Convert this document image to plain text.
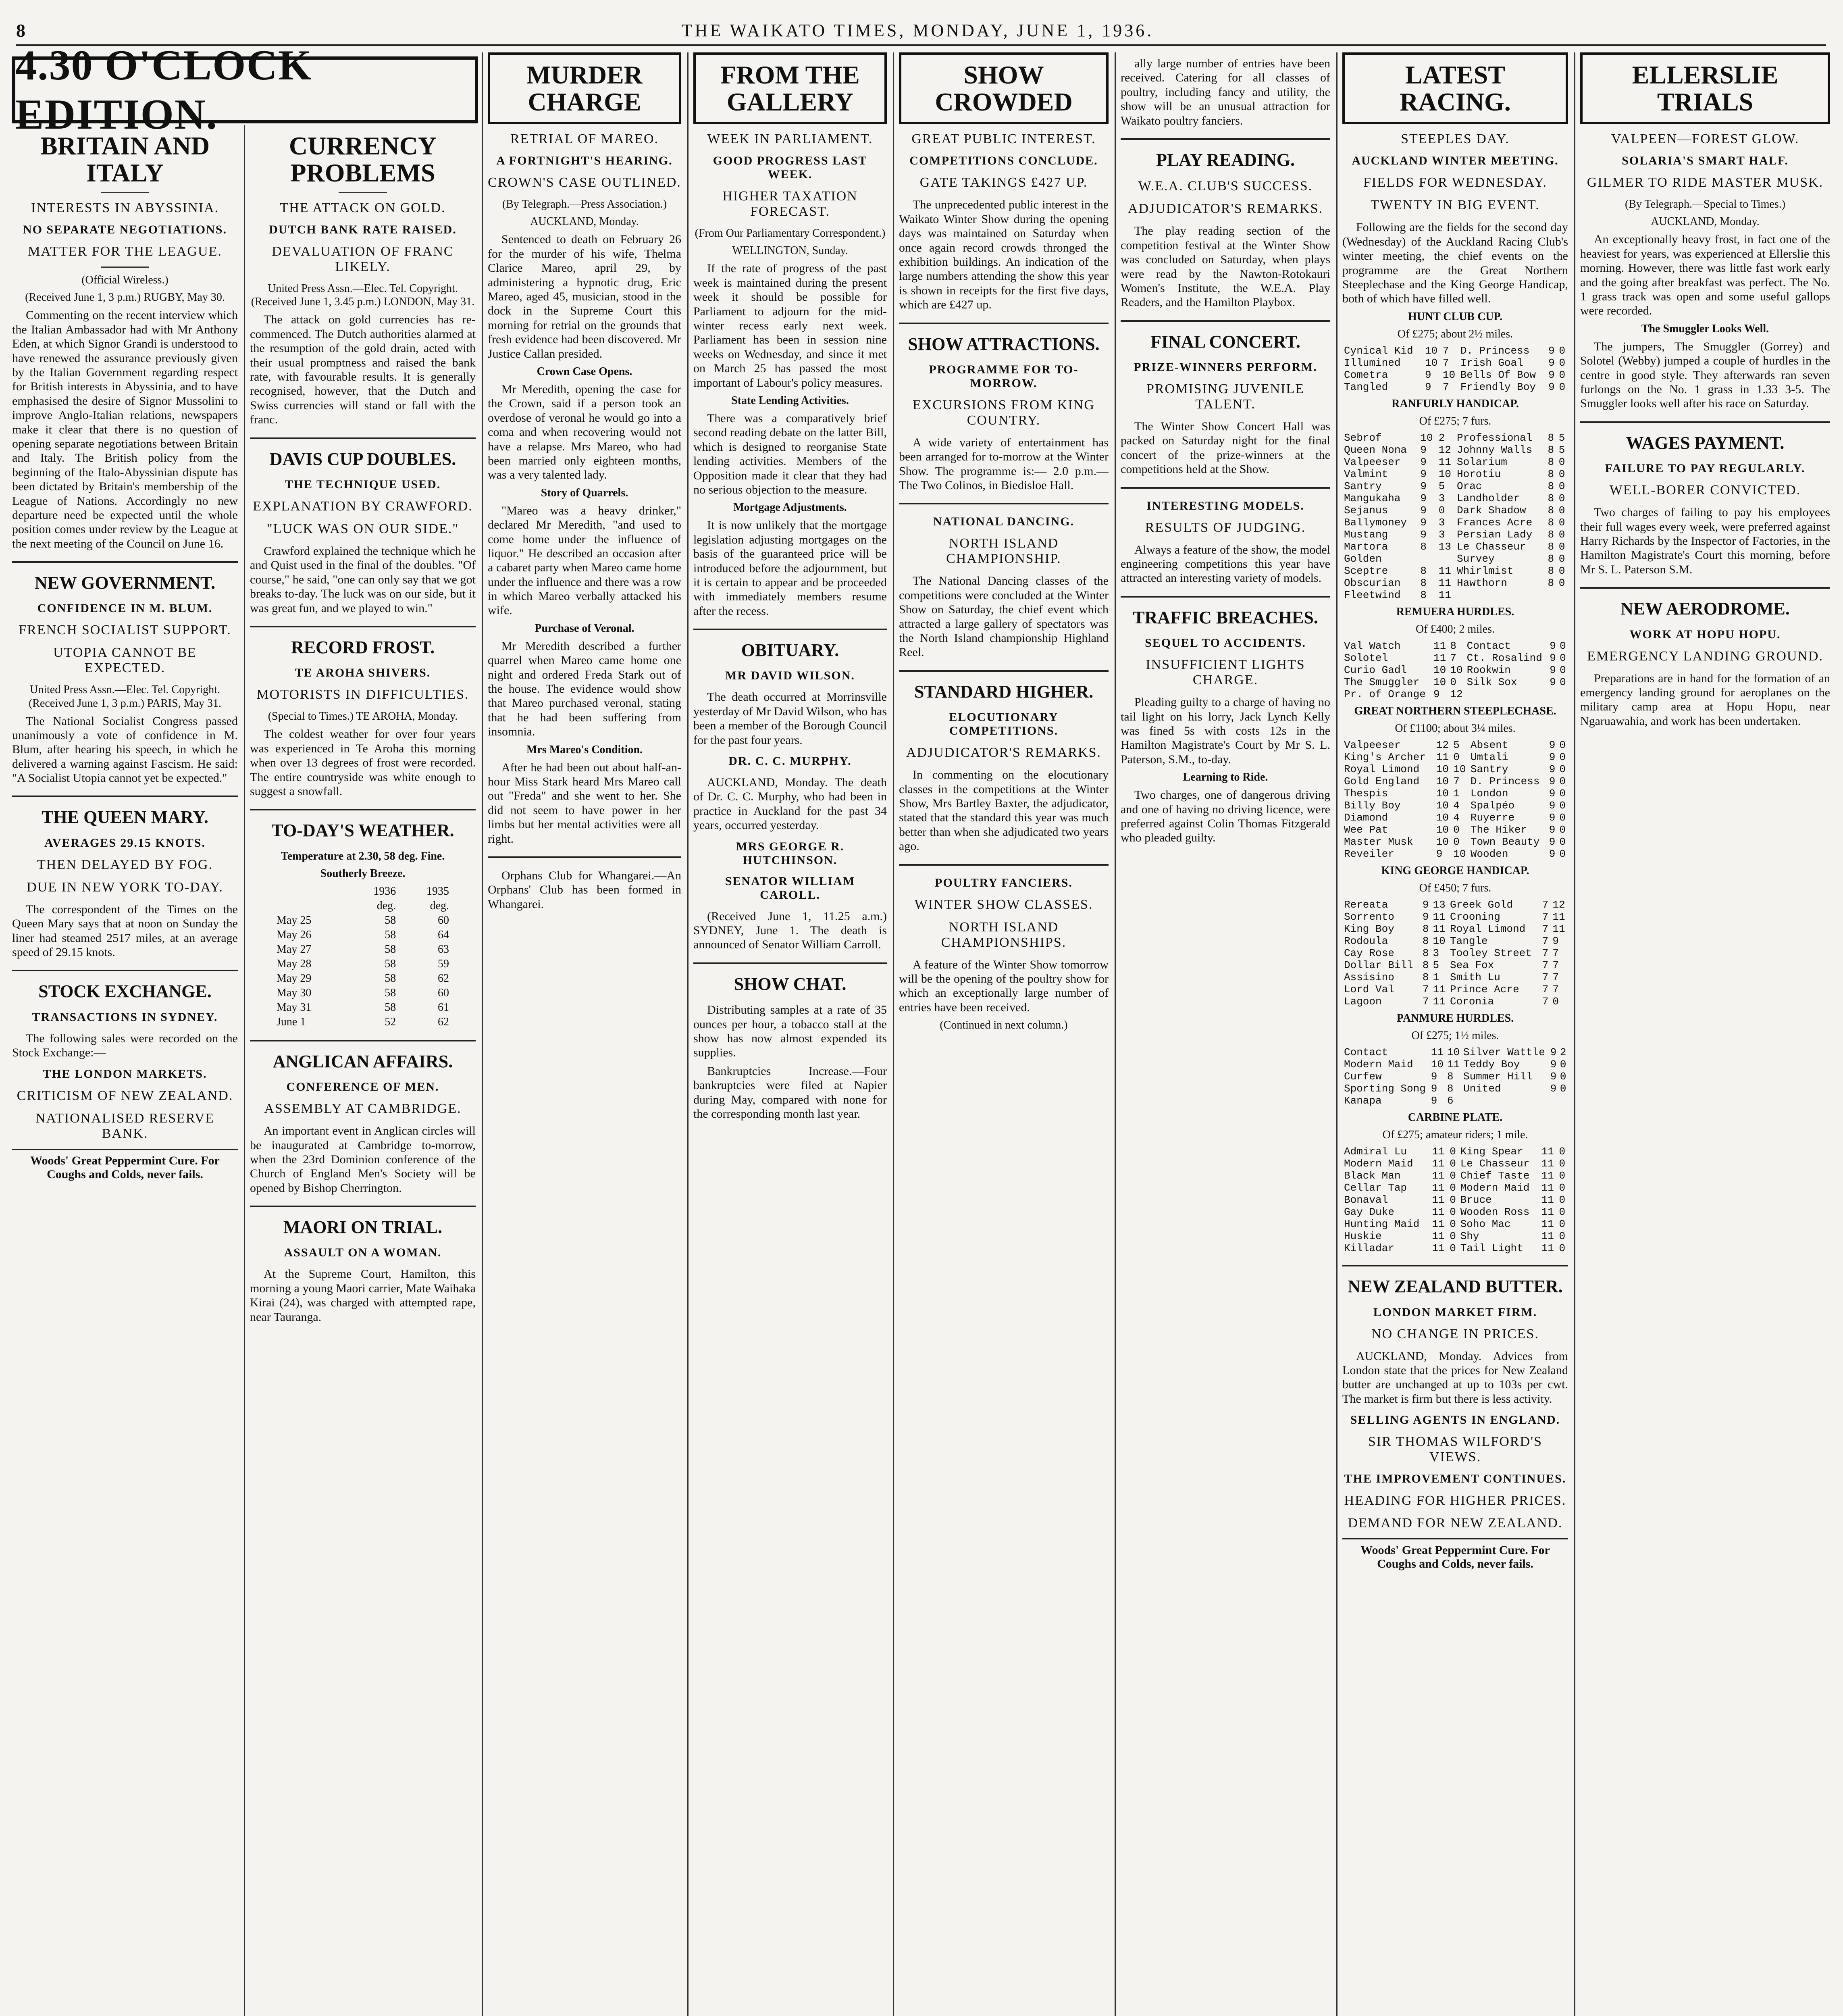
8	THE WAIKATO TIMES, MONDAY, JUNE 1, 1936.
4.30 O'CLOCK EDITION.
BRITAIN AND ITALY
INTERESTS IN ABYSSINIA.
NO SEPARATE NEGOTIATIONS.
MATTER FOR THE LEAGUE.

(Official Wireless.)

(Received June 1, 3 p.m.) RUGBY, May 30.

Commenting on the recent interview which the Italian Ambassador had with Mr Anthony Eden, at which Signor Grandi is understood to have renewed the assurance previously given by the Italian Government regarding respect for British interests in Abyssinia, and to have emphasised the desire of Signor Mussolini to improve Anglo-Italian relations, newspapers make it clear that there is no question of opening separate negotiations between Britain and Italy. The British policy from the beginning of the Italo-Abyssinian dispute has been dictated by Britain's membership of the League of Nations. Accordingly no new departure need be expected until the whole position comes under review by the League at the next meeting of the Council on June 16.

NEW GOVERNMENT.
CONFIDENCE IN M. BLUM.
FRENCH SOCIALIST SUPPORT.
UTOPIA CANNOT BE EXPECTED.

United Press Assn.—Elec. Tel. Copyright. (Received June 1, 3 p.m.) PARIS, May 31.

The National Socialist Congress passed unanimously a vote of confidence in M. Blum, after hearing his speech, in which he delivered a warning against Fascism. He said: "A Socialist Utopia cannot yet be expected."

THE QUEEN MARY.
AVERAGES 29.15 KNOTS.
THEN DELAYED BY FOG.
DUE IN NEW YORK TO-DAY.

The correspondent of the Times on the Queen Mary says that at noon on Sunday the liner had steamed 2517 miles, at an average speed of 29.15 knots.

STOCK EXCHANGE.
TRANSACTIONS IN SYDNEY.

The following sales were recorded on the Stock Exchange:—

THE LONDON MARKETS.
CRITICISM OF NEW ZEALAND.
NATIONALISED RESERVE BANK.
Woods' Great Peppermint Cure. For Coughs and Colds, never fails.
CURRENCY PROBLEMS
THE ATTACK ON GOLD.
DUTCH BANK RATE RAISED.
DEVALUATION OF FRANC LIKELY.

United Press Assn.—Elec. Tel. Copyright. (Received June 1, 3.45 p.m.) LONDON, May 31.

The attack on gold currencies has re-commenced. The Dutch authorities alarmed at the resumption of the gold drain, acted with their usual promptness and raised the bank rate, with favourable results. It is generally recognised, however, that the Dutch and Swiss currencies will stand or fall with the franc.

DAVIS CUP DOUBLES.
THE TECHNIQUE USED.
EXPLANATION BY CRAWFORD.
"LUCK WAS ON OUR SIDE."

Crawford explained the technique which he and Quist used in the final of the doubles. "Of course," he said, "one can only say that we got breaks to-day. The luck was on our side, but it was great fun, and we played to win."

RECORD FROST.
TE AROHA SHIVERS.
MOTORISTS IN DIFFICULTIES.

(Special to Times.) TE AROHA, Monday.

The coldest weather for over four years was experienced in Te Aroha this morning when over 13 degrees of frost were recorded. The entire countryside was white enough to suggest a snowfall.

TO-DAY'S WEATHER.

Temperature at 2.30, 58 deg. Fine.

Southerly Breeze.

	1936	1935
	deg.	deg.
May 25	58	60
May 26	58	64
May 27	58	63
May 28	58	59
May 29	58	62
May 30	58	60
May 31	58	61
June 1	52	62
ANGLICAN AFFAIRS.
CONFERENCE OF MEN.
ASSEMBLY AT CAMBRIDGE.

An important event in Anglican circles will be inaugurated at Cambridge to-morrow, when the 23rd Dominion conference of the Church of England Men's Society will be opened by Bishop Cherrington.

MAORI ON TRIAL.
ASSAULT ON A WOMAN.

At the Supreme Court, Hamilton, this morning a young Maori carrier, Mate Waihaka Kirai (24), was charged with attempted rape, near Tauranga.

MURDER CHARGE
RETRIAL OF MAREO.
A FORTNIGHT'S HEARING.
CROWN'S CASE OUTLINED.

(By Telegraph.—Press Association.)

AUCKLAND, Monday.

Sentenced to death on February 26 for the murder of his wife, Thelma Clarice Mareo, april 29, by administering a hypnotic drug, Eric Mareo, aged 45, musician, stood in the dock in the Supreme Court this morning for retrial on the grounds that fresh evidence had been discovered. Mr Justice Callan presided.

Crown Case Opens.

Mr Meredith, opening the case for the Crown, said if a person took an overdose of veronal he would go into a coma and when recovering would not have a relapse. Mrs Mareo, who had been married only eighteen months, was a very talented lady.

Story of Quarrels.

"Mareo was a heavy drinker," declared Mr Meredith, "and used to come home under the influence of liquor." He described an occasion after a cabaret party when Mareo came home under the influence and there was a row in which Mareo verbally attacked his wife.

Purchase of Veronal.

Mr Meredith described a further quarrel when Mareo came home one night and ordered Freda Stark out of the house. The evidence would show that Mareo purchased veronal, stating that he had been suffering from insomnia.

Mrs Mareo's Condition.

After he had been out about half-an-hour Miss Stark heard Mrs Mareo call out "Freda" and she went to her. She did not seem to have power in her limbs but her mental activities were all right.

Orphans Club for Whangarei.—An Orphans' Club has been formed in Whangarei.

FROM THE GALLERY
WEEK IN PARLIAMENT.
GOOD PROGRESS LAST WEEK.
HIGHER TAXATION FORECAST.

(From Our Parliamentary Correspondent.)

WELLINGTON, Sunday.

If the rate of progress of the past week is maintained during the present week it should be possible for Parliament to adjourn for the mid-winter recess early next week. Parliament has been in session nine weeks on Wednesday, and since it met on March 25 has passed the most important of Labour's policy measures.

State Lending Activities.

There was a comparatively brief second reading debate on the latter Bill, which is designed to reorganise State lending activities. Members of the Opposition made it clear that they had no serious objection to the measure.

Mortgage Adjustments.

It is now unlikely that the mortgage legislation adjusting mortgages on the basis of the guaranteed price will be introduced before the adjournment, but it is certain to appear and be proceeded with immediately members resume after the recess.

OBITUARY.
MR DAVID WILSON.

The death occurred at Morrinsville yesterday of Mr David Wilson, who has been a member of the Borough Council for the past four years.

DR. C. C. MURPHY.

AUCKLAND, Monday. The death of Dr. C. C. Murphy, who had been in practice in Auckland for the past 34 years, occurred yesterday.

MRS GEORGE R. HUTCHINSON.
SENATOR WILLIAM CAROLL.

(Received June 1, 11.25 a.m.) SYDNEY, June 1. The death is announced of Senator William Carroll.

SHOW CHAT.

Distributing samples at a rate of 35 ounces per hour, a tobacco stall at the show has now almost expended its supplies.

Bankruptcies Increase.—Four bankruptcies were filed at Napier during May, compared with none for the corresponding month last year.

SHOW CROWDED
GREAT PUBLIC INTEREST.
COMPETITIONS CONCLUDE.
GATE TAKINGS £427 UP.

The unprecedented public interest in the Waikato Winter Show during the opening days was maintained on Saturday when once again record crowds thronged the exhibition buildings. An indication of the large numbers attending the show this year is shown in receipts for the first five days, which are £427 up.

SHOW ATTRACTIONS.
PROGRAMME FOR TO-MORROW.
EXCURSIONS FROM KING COUNTRY.

A wide variety of entertainment has been arranged for to-morrow at the Winter Show. The programme is:— 2.0 p.m.—The Two Colinos, in Biedisloe Hall.

NATIONAL DANCING.
NORTH ISLAND CHAMPIONSHIP.

The National Dancing classes of the competitions were concluded at the Winter Show on Saturday, the chief event which attracted a large gallery of spectators was the North Island championship Highland Reel.

STANDARD HIGHER.
ELOCUTIONARY COMPETITIONS.
ADJUDICATOR'S REMARKS.

In commenting on the elocutionary classes in the competitions at the Winter Show, Mrs Bartley Baxter, the adjudicator, stated that the standard this year was much better than when she adjudicated two years ago.

POULTRY FANCIERS.
WINTER SHOW CLASSES.
NORTH ISLAND CHAMPIONSHIPS.

A feature of the Winter Show tomorrow will be the opening of the poultry show for which an exceptionally large number of entries have been received.

(Continued in next column.)

ally large number of entries have been received. Catering for all classes of poultry, including fancy and utility, the show will be an unusual attraction for Waikato poultry fanciers.

PLAY READING.
W.E.A. CLUB'S SUCCESS.
ADJUDICATOR'S REMARKS.

The play reading section of the competition festival at the Winter Show was concluded on Saturday, when plays were read by the Nawton-Rotokauri Women's Institute, the W.E.A. Play Readers, and the Hamilton Playbox.

FINAL CONCERT.
PRIZE-WINNERS PERFORM.
PROMISING JUVENILE TALENT.

The Winter Show Concert Hall was packed on Saturday night for the final concert of the prize-winners at the competitions held at the Show.

INTERESTING MODELS.
RESULTS OF JUDGING.

Always a feature of the show, the model engineering competitions this year have attracted an interesting variety of models.

TRAFFIC BREACHES.
SEQUEL TO ACCIDENTS.
INSUFFICIENT LIGHTS CHARGE.

Pleading guilty to a charge of having no tail light on his lorry, Jack Lynch Kelly was fined 5s with costs 12s in the Hamilton Magistrate's Court by Mr S. L. Paterson, S.M., to-day.

Learning to Ride.

Two charges, one of dangerous driving and one of having no driving licence, were preferred against Colin Thomas Fitzgerald who pleaded guilty.

LATEST RACING.
STEEPLES DAY.
AUCKLAND WINTER MEETING.
FIELDS FOR WEDNESDAY.
TWENTY IN BIG EVENT.

Following are the fields for the second day (Wednesday) of the Auckland Racing Club's winter meeting, the chief events on the programme are the Great Northern Steeplechase and the King George Handicap, both of which have filled well.

HUNT CLUB CUP.

Of £275; about 2½ miles.

Cynical Kid	10	7	D. Princess	9	0
Illumined	10	7	Irish Goal	9	0
Cometra	9	10	Bells Of Bow	9	0
Tangled	9	7	Friendly Boy	9	0

RANFURLY HANDICAP.

Of £275; 7 furs.

Sebrof	10	2	Professional	8	5
Queen Nona	9	12	Johnny Walls	8	5
Valpeeser	9	11	Solarium	8	0
Valmint	9	10	Horotiu	8	0
Santry	9	5	Orac	8	0
Mangukaha	9	3	Landholder	8	0
Sejanus	9	0	Dark Shadow	8	0
Ballymoney	9	3	Frances Acre	8	0
Mustang	9	3	Persian Lady	8	0
Martora	8	13	Le Chasseur	8	0
Golden			Survey	8	0
Sceptre	8	11	Whirlmist	8	0
Obscurian	8	11	Hawthorn	8	0
Fleetwind	8	11			

REMUERA HURDLES.

Of £400; 2 miles.

Val Watch	11	8	Contact	9	0
Solotel	11	7	Ct. Rosalind	9	0
Curio Gadl	10	10	Rookwin	9	0
The Smuggler	10	0	Silk Sox	9	0
Pr. of Orange	9	12			

GREAT NORTHERN STEEPLECHASE.

Of £1100; about 3¼ miles.

Valpeeser	12	5	Absent	9	0
King's Archer	11	0	Umtali	9	0
Royal Limond	10	10	Santry	9	0
Gold England	10	7	D. Princess	9	0
Thespis	10	1	London	9	0
Billy Boy	10	4	Spalpéo	9	0
Diamond	10	4	Ruyerre	9	0
Wee Pat	10	0	The Hiker	9	0
Master Musk	10	0	Town Beauty	9	0
Reveiler	9	10	Wooden	9	0

KING GEORGE HANDICAP.

Of £450; 7 furs.

Rereata	9	13	Greek Gold	7	12
Sorrento	9	11	Crooning	7	11
King Boy	8	11	Royal Limond	7	11
Rodoula	8	10	Tangle	7	9
Cay Rose	8	3	Tooley Street	7	7
Dollar Bill	8	5	Sea Fox	7	7
Assisino	8	1	Smith Lu	7	7
Lord Val	7	11	Prince Acre	7	7
Lagoon	7	11	Coronia	7	0

PANMURE HURDLES.

Of £275; 1½ miles.

Contact	11	10	Silver Wattle	9	2
Modern Maid	10	11	Teddy Boy	9	0
Curfew	9	8	Summer Hill	9	0
Sporting Song	9	8	United	9	0
Kanapa	9	6			

CARBINE PLATE.

Of £275; amateur riders; 1 mile.

Admiral Lu	11	0	King Spear	11	0
Modern Maid	11	0	Le Chasseur	11	0
Black Man	11	0	Chief Taste	11	0
Cellar Tap	11	0	Modern Maid	11	0
Bonaval	11	0	Bruce	11	0
Gay Duke	11	0	Wooden Ross	11	0
Hunting Maid	11	0	Soho Mac	11	0
Huskie	11	0	Shy	11	0
Killadar	11	0	Tail Light	11	0
NEW ZEALAND BUTTER.
LONDON MARKET FIRM.
NO CHANGE IN PRICES.

AUCKLAND, Monday. Advices from London state that the prices for New Zealand butter are unchanged at up to 103s per cwt. The market is firm but there is less activity.

SELLING AGENTS IN ENGLAND.
SIR THOMAS WILFORD'S VIEWS.
THE IMPROVEMENT CONTINUES.
HEADING FOR HIGHER PRICES.
DEMAND FOR NEW ZEALAND.
Woods' Great Peppermint Cure. For Coughs and Colds, never fails.
ELLERSLIE TRIALS
VALPEEN—FOREST GLOW.
SOLARIA'S SMART HALF.
GILMER TO RIDE MASTER MUSK.

(By Telegraph.—Special to Times.)

AUCKLAND, Monday.

An exceptionally heavy frost, in fact one of the heaviest for years, was experienced at Ellerslie this morning. However, there was little fast work early and the going after breakfast was perfect. The No. 1 grass track was open and some useful gallops were recorded.

The Smuggler Looks Well.

The jumpers, The Smuggler (Gorrey) and Solotel (Webby) jumped a couple of hurdles in the centre in good style. They afterwards ran seven furlongs on the No. 1 grass in 1.33 3-5. The Smuggler looks well after his race on Saturday.

WAGES PAYMENT.
FAILURE TO PAY REGULARLY.
WELL-BORER CONVICTED.

Two charges of failing to pay his employees their full wages every week, were preferred against Harry Richards by the Inspector of Factories, in the Hamilton Magistrate's Court this morning, before Mr S. L. Paterson S.M.

NEW AERODROME.
WORK AT HOPU HOPU.
EMERGENCY LANDING GROUND.

Preparations are in hand for the formation of an emergency landing ground for aeroplanes on the military camp area at Hopu Hopu, near Ngaruawahia, and work has been undertaken.
